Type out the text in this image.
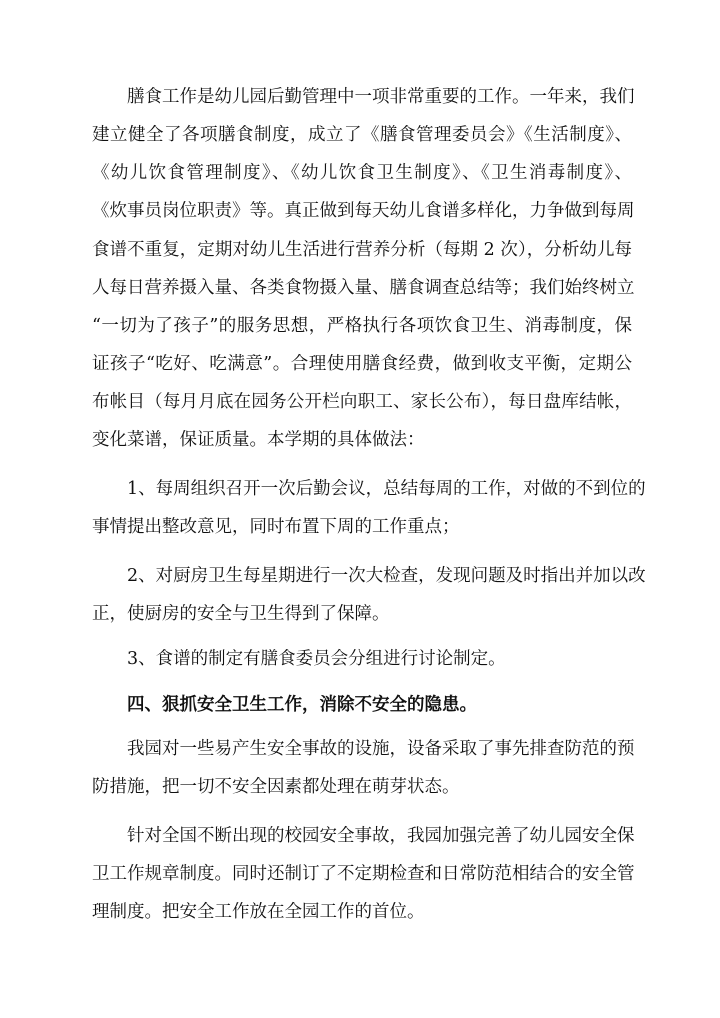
膳食工作是幼儿园后勤管理中一项非常重要的工作。一年来，我们
建立健全了各项膳食制度，成立了《膳食管理委员会》《生活制度》、
《幼儿饮食管理制度》、《幼儿饮食卫生制度》、《卫生消毒制度》、
《炊事员岗位职责》等。真正做到每天幼儿食谱多样化，力争做到每周
食谱不重复，定期对幼儿生活进行营养分析（每期 2 次），分析幼儿每
人每日营养摄入量、各类食物摄入量、膳食调查总结等；我们始终树立
“一切为了孩子”的服务思想，严格执行各项饮食卫生、消毒制度，保
证孩子“吃好、吃满意”。合理使用膳食经费，做到收支平衡，定期公
布帐目（每月月底在园务公开栏向职工、家长公布），每日盘库结帐，
变化菜谱，保证质量。本学期的具体做法：
1、每周组织召开一次后勤会议，总结每周的工作，对做的不到位的
事情提出整改意见，同时布置下周的工作重点；
2、对厨房卫生每星期进行一次大检查，发现问题及时指出并加以改
正，使厨房的安全与卫生得到了保障。
3、食谱的制定有膳食委员会分组进行讨论制定。
四、狠抓安全卫生工作，消除不安全的隐患。
我园对一些易产生安全事故的设施，设备采取了事先排查防范的预
防措施，把一切不安全因素都处理在萌芽状态。
针对全国不断出现的校园安全事故，我园加强完善了幼儿园安全保
卫工作规章制度。同时还制订了不定期检查和日常防范相结合的安全管
理制度。把安全工作放在全园工作的首位。
